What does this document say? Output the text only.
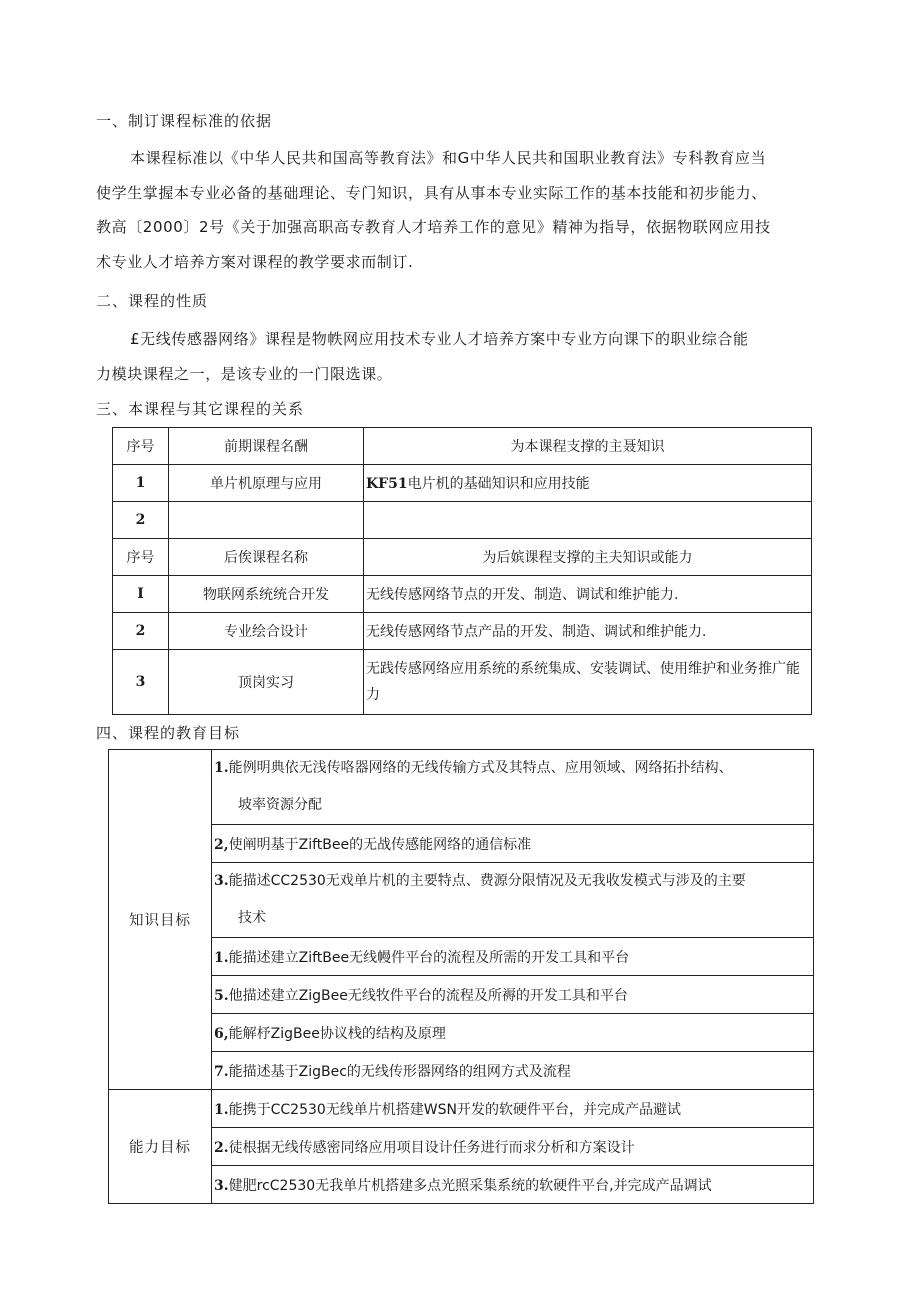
一、制订课程标准的依据
本课程标准以《中华人民共和国高等教育法》和G中华人民共和国职业教育法》专科教育应当
使学生掌握本专业必备的基础理论、专门知识，具有从事本专业实际工作的基本技能和初步能力、
教高〔2000〕2号《关于加强高职高专教育人才培养工作的意见》精神为指导，依据物联网应用技
术专业人才培养方案对课程的教学要求而制订.
二、课程的性质
£无线传感器网络》课程是物帙网应用技术专业人才培养方案中专业方向课下的职业综合能
力模块课程之一，是该专业的一门限选课。
三、本课程与其它课程的关系
序号	前期课程名酬	为本课程支撑的主聂知识
1	单片机原理与应用	KF51电片机的基础知识和应用技能
2		
序号	后俟课程名称	为后嫔课程支撑的主夫知识或能力
I	物联网系统统合开发	无线传感网络节点的开发、制造、调试和维护能力.
2	专业绘合设计	无线传感网络节点产品的开发、制造、调试和维护能力.
3	顶岗实习	无践传感网络应用系统的系统集成、安装调试、使用维护和业务推广能力
四、课程的教育目标
知识目标	1.能例明典依无浅传咯器网络的无线传输方式及其特点、应用领域、网络拓扑结构、
坡率资源分配
	2,使阐明基于ZiftBee的无战传感能网络的通信标准
	3.能描述CC2530无戏单片机的主要特点、费源分限情况及无我收发模式与涉及的主要
技术
	1.能描述建立ZiftBee无线幔件平台的流程及所需的开发工具和平台
	5.他描述建立ZigBee无线牧件平台的流程及所褥的开发工具和平台
	6,能解杼ZigBee协议栈的结构及原理
	7.能描述基于ZigBec的无线传形器网络的组网方式及流程
能力目标	1.能携于CC2530无线单片机搭建WSN开发的软硬件平台，并完成产品避试
	2.徒根据无线传感密同络应用项目设计任务进行而求分析和方案设计
	3.健肥rcC2530无我单片机搭建多点光照采集系统的软硬件平台,并完成产品调试
